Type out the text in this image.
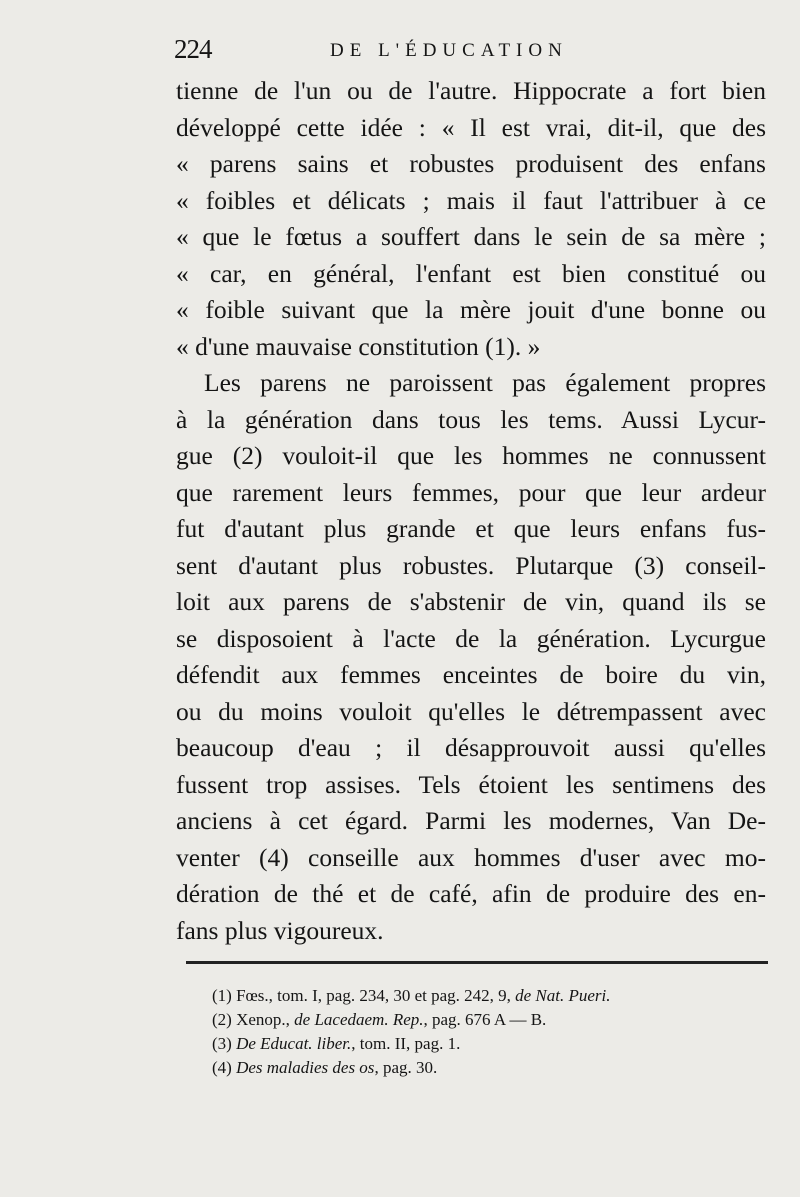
224	DE L'ÉDUCATION
tienne de l'un ou de l'autre. Hippocrate a fort bien
développé cette idée : « Il est vrai, dit-il, que des
« parens sains et robustes produisent des enfans
« foibles et délicats ; mais il faut l'attribuer à ce
« que le fœtus a souffert dans le sein de sa mère ;
« car, en général, l'enfant est bien constitué ou
« foible suivant que la mère jouit d'une bonne ou
« d'une mauvaise constitution (1). »
Les parens ne paroissent pas également propres
à la génération dans tous les tems. Aussi Lycur-
gue (2) vouloit-il que les hommes ne connussent
que rarement leurs femmes, pour que leur ardeur
fut d'autant plus grande et que leurs enfans fus-
sent d'autant plus robustes. Plutarque (3) conseil-
loit aux parens de s'abstenir de vin, quand ils se
se disposoient à l'acte de la génération. Lycurgue
défendit aux femmes enceintes de boire du vin,
ou du moins vouloit qu'elles le détrempassent avec
beaucoup d'eau ; il désapprouvoit aussi qu'elles
fussent trop assises. Tels étoient les sentimens des
anciens à cet égard. Parmi les modernes, Van De-
venter (4) conseille aux hommes d'user avec mo-
dération de thé et de café, afin de produire des en-
fans plus vigoureux.
(1) Fœs., tom. I, pag. 234, 30 et pag. 242, 9, de Nat. Pueri.
(2) Xenop., de Lacedaem. Rep., pag. 676 A — B.
(3) De Educat. liber., tom. II, pag. 1.
(4) Des maladies des os, pag. 30.
